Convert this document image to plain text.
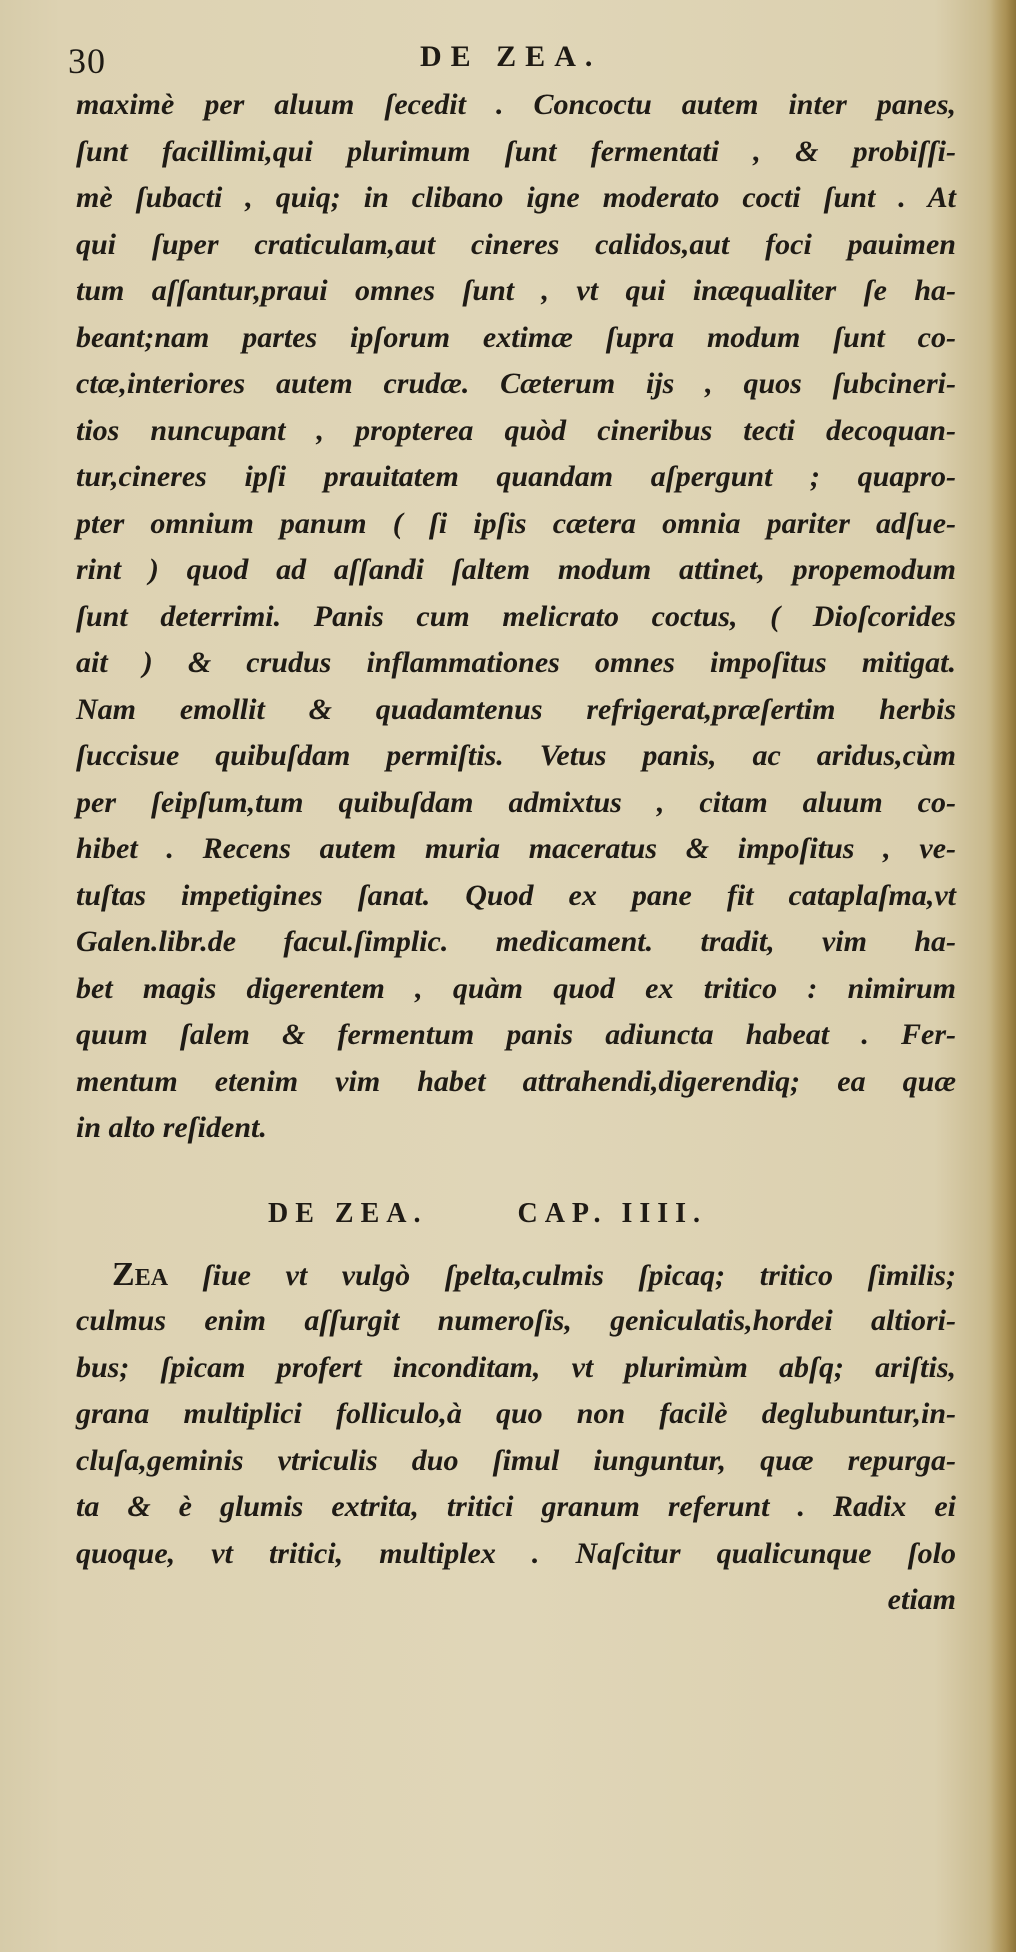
30	DE ZEA.
maximè per aluum ſecedit . Concoctu autem inter panes,
ſunt facillimi,qui plurimum ſunt fermentati , & probiſſi-
mè ſubacti , quiq; in clibano igne moderato cocti ſunt . At
qui ſuper craticulam,aut cineres calidos,aut foci pauimen
tum aſſantur,praui omnes ſunt , vt qui inæqualiter ſe ha-
beant;nam partes ipſorum extimæ ſupra modum ſunt co-
ctæ,interiores autem crudæ. Cæterum ijs , quos ſubcineri-
tios nuncupant , propterea quòd cineribus tecti decoquan-
tur,cineres ipſi prauitatem quandam aſpergunt ; quapro-
pter omnium panum ( ſi ipſis cætera omnia pariter adſue-
rint ) quod ad aſſandi ſaltem modum attinet, propemodum
ſunt deterrimi. Panis cum melicrato coctus, ( Dioſcorides
ait ) & crudus inflammationes omnes impoſitus mitigat.
Nam emollit & quadamtenus refrigerat,præſertim herbis
ſuccisue quibuſdam permiſtis. Vetus panis, ac aridus,cùm
per ſeipſum,tum quibuſdam admixtus , citam aluum co-
hibet . Recens autem muria maceratus & impoſitus , ve-
tuſtas impetigines ſanat. Quod ex pane fit cataplaſma,vt
Galen.libr.de facul.ſimplic. medicament. tradit, vim ha-
bet magis digerentem , quàm quod ex tritico : nimirum
quum ſalem & fermentum panis adiuncta habeat . Fer-
mentum etenim vim habet attrahendi,digerendiq; ea quæ
in alto reſident.
DE ZEA.	CAP. IIII.
ZEA ſiue vt vulgò ſpelta,culmis ſpicaq; tritico ſimilis;
culmus enim aſſurgit numeroſis, geniculatis,hordei altiori-
bus; ſpicam profert inconditam, vt plurimùm abſq; ariſtis,
grana multiplici folliculo,à quo non facilè deglubuntur,in-
cluſa,geminis vtriculis duo ſimul iunguntur, quæ repurga-
ta & è glumis extrita, tritici granum referunt . Radix ei
quoque, vt tritici, multiplex . Naſcitur qualicunque ſolo
etiam
